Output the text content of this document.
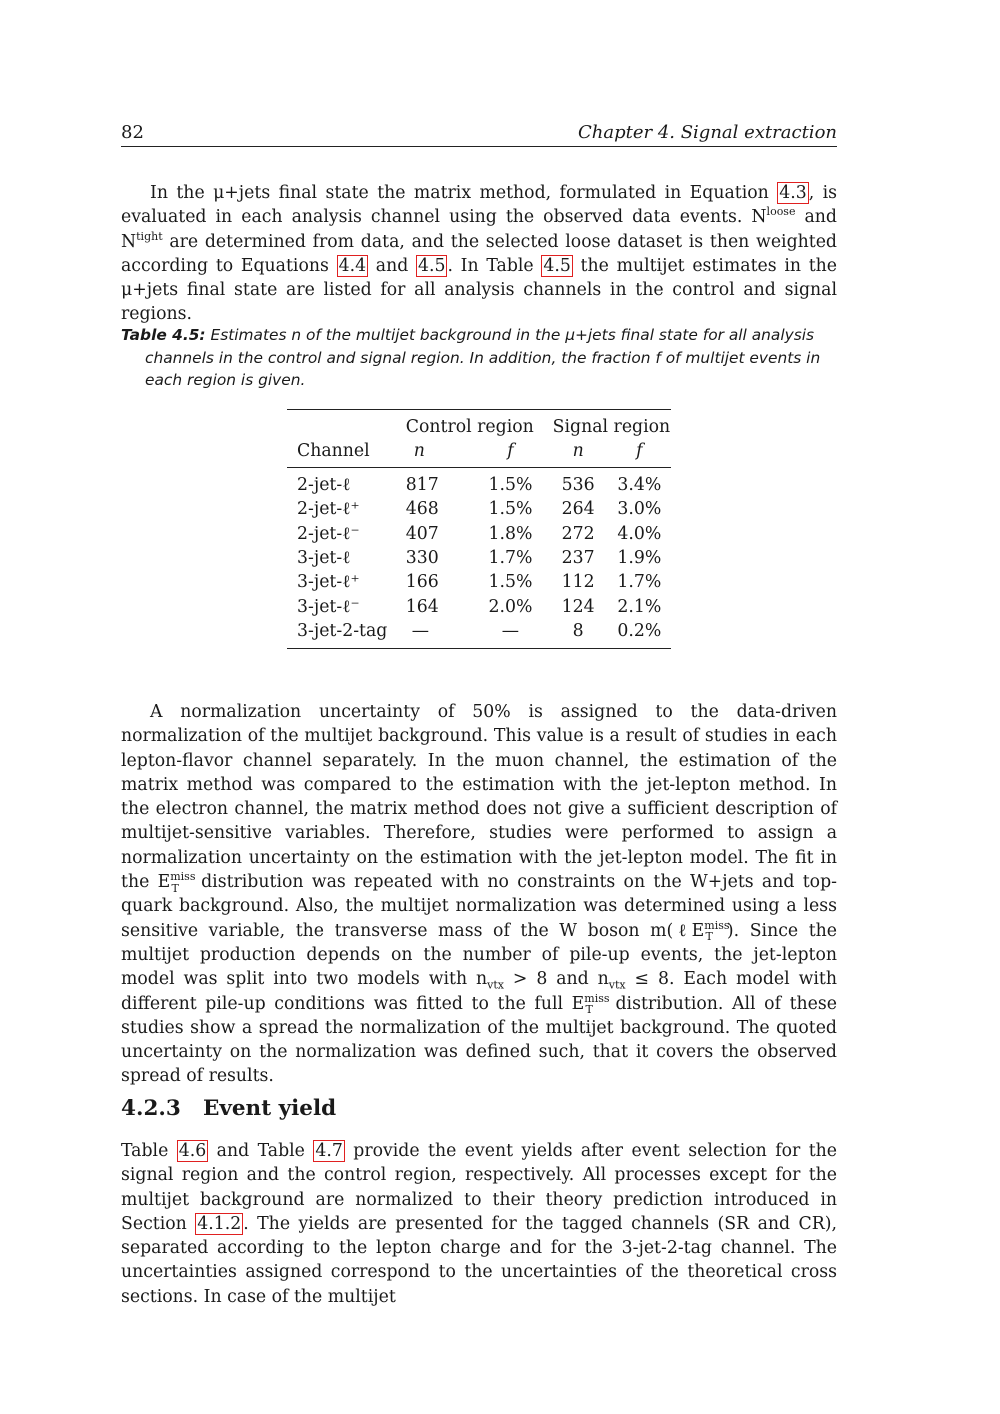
82	Chapter 4. Signal extraction

In the μ+jets final state the matrix method, formulated in Equation 4.3 , is evaluated in each analysis channel using the observed data events. $N^{loose}$ and $N^{tight}$ are determined from data, and the selected loose dataset is then weighted according to Equations 4.4 and 4.5 . In Table 4.5 the multijet estimates in the μ+jets final state are listed for all analysis channels in the control and signal regions.

Table 4.5: Estimates n of the multijet background in the μ+jets final state for all analysis channels in the control and signal region. In addition, the fraction f of multijet events in each region is given.
	Control region		Signal region	
Channel	n	f	n	f
2-jet-ℓ	817	1.5%	536	3.4%
2-jet-ℓ⁺	468	1.5%	264	3.0%
2-jet-ℓ⁻	407	1.8%	272	4.0%
3-jet-ℓ	330	1.7%	237	1.9%
3-jet-ℓ⁺	166	1.5%	112	1.7%
3-jet-ℓ⁻	164	2.0%	124	2.1%
3-jet-2-tag	—	—	8	0.2%

A normalization uncertainty of 50% is assigned to the data-driven normalization of the multijet background. This value is a result of studies in each lepton-flavor channel separately. In the muon channel, the estimation of the matrix method was compared to the estimation with the jet-lepton method. In the electron channel, the matrix method does not give a sufficient description of multijet-sensitive variables. Therefore, studies were performed to assign a normalization uncertainty on the estimation with the jet-lepton model. The fit in the $E^{miss}_T$ distribution was repeated with no constraints on the W+jets and top-quark background. Also, the multijet normalization was determined using a less sensitive variable, the transverse mass of the W boson m(ℓE$^{miss}_T$ ). Since the multijet production depends on the number of pile-up events, the jet-lepton model was split into two models with $n_{vtx} > 8$ and $n_{vtx} \le 8$. Each model with different pile-up conditions was fitted to the full $E^{miss}_T$ distribution. All of these studies show a spread the normalization of the multijet background. The quoted uncertainty on the normalization was defined such, that it covers the observed spread of results.

4.2.3 Event yield

Table 4.6 and Table 4.7 provide the event yields after event selection for the signal region and the control region, respectively. All processes except for the multijet background are normalized to their theory prediction introduced in Section 4.1.2 . The yields are presented for the tagged channels (SR and CR), separated according to the lepton charge and for the 3-jet-2-tag channel. The uncertainties assigned correspond to the uncertainties of the theoretical cross sections. In case of the multijet
